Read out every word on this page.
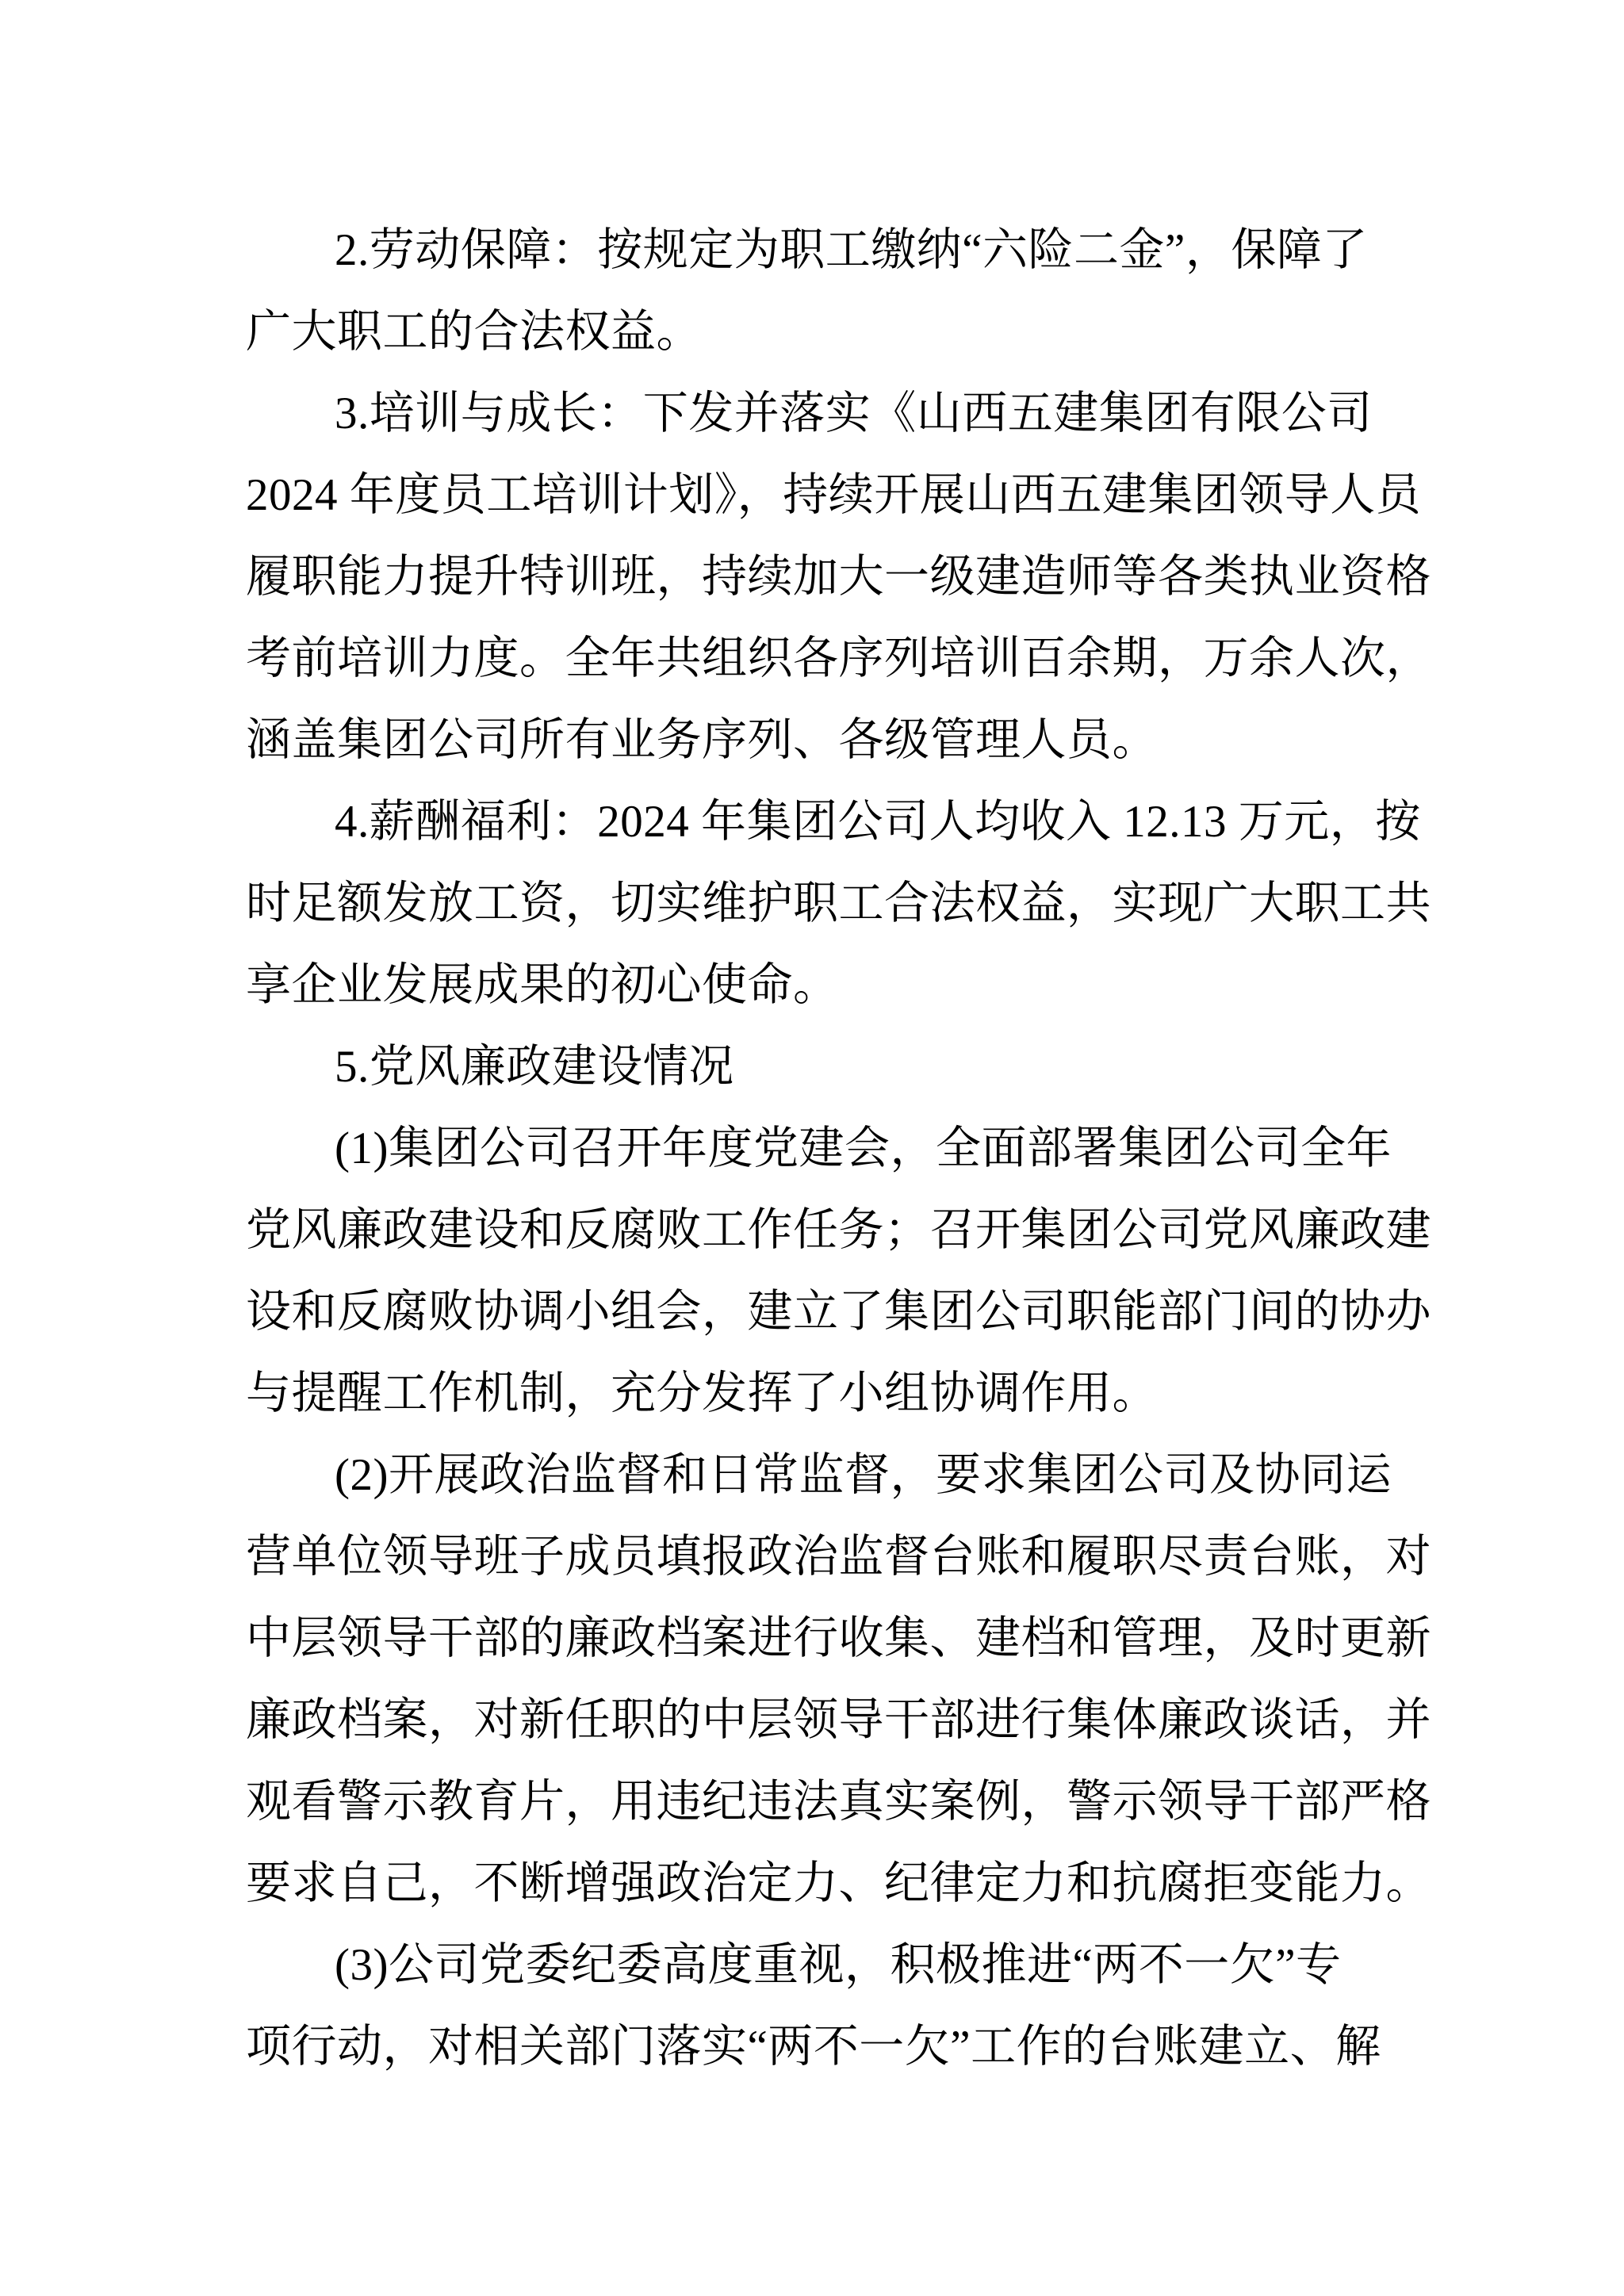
2.劳动保障：按规定为职工缴纳“六险二金”，保障了
广大职工的合法权益。
3.培训与成长：下发并落实《山西五建集团有限公司
2024 年度员工培训计划》，持续开展山西五建集团领导人员
履职能力提升特训班，持续加大一级建造师等各类执业资格
考前培训力度。全年共组织各序列培训百余期，万余人次，
涵盖集团公司所有业务序列、各级管理人员。
4.薪酬福利：2024 年集团公司人均收入 12.13 万元，按
时足额发放工资，切实维护职工合法权益，实现广大职工共
享企业发展成果的初心使命。
5.党风廉政建设情况
(1)集团公司召开年度党建会，全面部署集团公司全年
党风廉政建设和反腐败工作任务；召开集团公司党风廉政建
设和反腐败协调小组会，建立了集团公司职能部门间的协办
与提醒工作机制，充分发挥了小组协调作用。
(2)开展政治监督和日常监督，要求集团公司及协同运
营单位领导班子成员填报政治监督台账和履职尽责台账，对
中层领导干部的廉政档案进行收集、建档和管理，及时更新
廉政档案，对新任职的中层领导干部进行集体廉政谈话，并
观看警示教育片，用违纪违法真实案例，警示领导干部严格
要求自己，不断增强政治定力、纪律定力和抗腐拒变能力。
(3)公司党委纪委高度重视，积极推进“两不一欠”专
项行动，对相关部门落实“两不一欠”工作的台账建立、解
